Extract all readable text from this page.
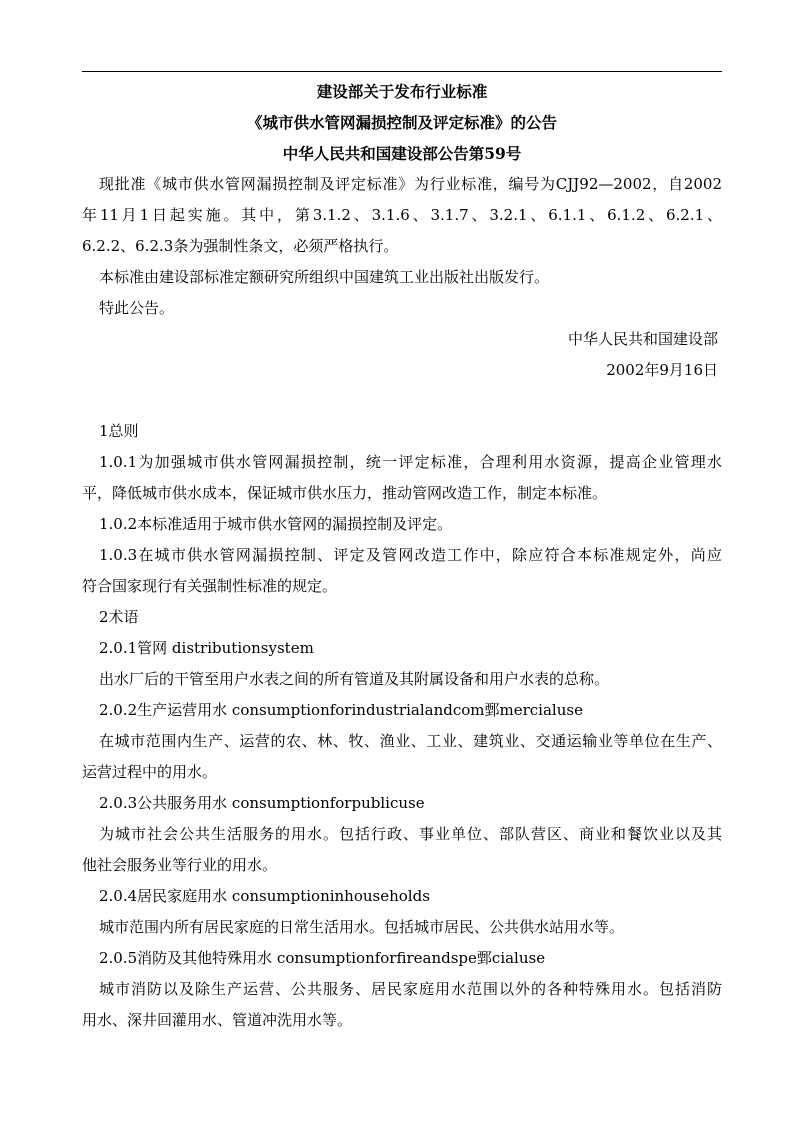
建设部关于发布行业标准
《城市供水管网漏损控制及评定标准》的公告
中华人民共和国建设部公告第59号
现批准《城市供水管网漏损控制及评定标准》为行业标准，编号为CJJ92—2002，自2002
年11月1日起实施。其中，第3.1.2、3.1.6、3.1.7、3.2.1、6.1.1、6.1.2、6.2.1、
6.2.2、6.2.3条为强制性条文，必须严格执行。
本标准由建设部标准定额研究所组织中国建筑工业出版社出版发行。
特此公告。
中华人民共和国建设部
2002年9月16日
1总则
1.0.1为加强城市供水管网漏损控制，统一评定标准，合理利用水资源，提高企业管理水
平，降低城市供水成本，保证城市供水压力，推动管网改造工作，制定本标准。
1.0.2本标准适用于城市供水管网的漏损控制及评定。
1.0.3在城市供水管网漏损控制、评定及管网改造工作中，除应符合本标准规定外，尚应
符合国家现行有关强制性标准的规定。
2术语
2.0.1管网 distributionsystem
出水厂后的干管至用户水表之间的所有管道及其附属设备和用户水表的总称。
2.0.2生产运营用水 consumptionforindustrialandcom鄄mercialuse
在城市范围内生产、运营的农、林、牧、渔业、工业、建筑业、交通运输业等单位在生产、
运营过程中的用水。
2.0.3公共服务用水 consumptionforpublicuse
为城市社会公共生活服务的用水。包括行政、事业单位、部队营区、商业和餐饮业以及其
他社会服务业等行业的用水。
2.0.4居民家庭用水 consumptioninhouseholds
城市范围内所有居民家庭的日常生活用水。包括城市居民、公共供水站用水等。
2.0.5消防及其他特殊用水 consumptionforfireandspe鄄cialuse
城市消防以及除生产运营、公共服务、居民家庭用水范围以外的各种特殊用水。包括消防
用水、深井回灌用水、管道冲洗用水等。
